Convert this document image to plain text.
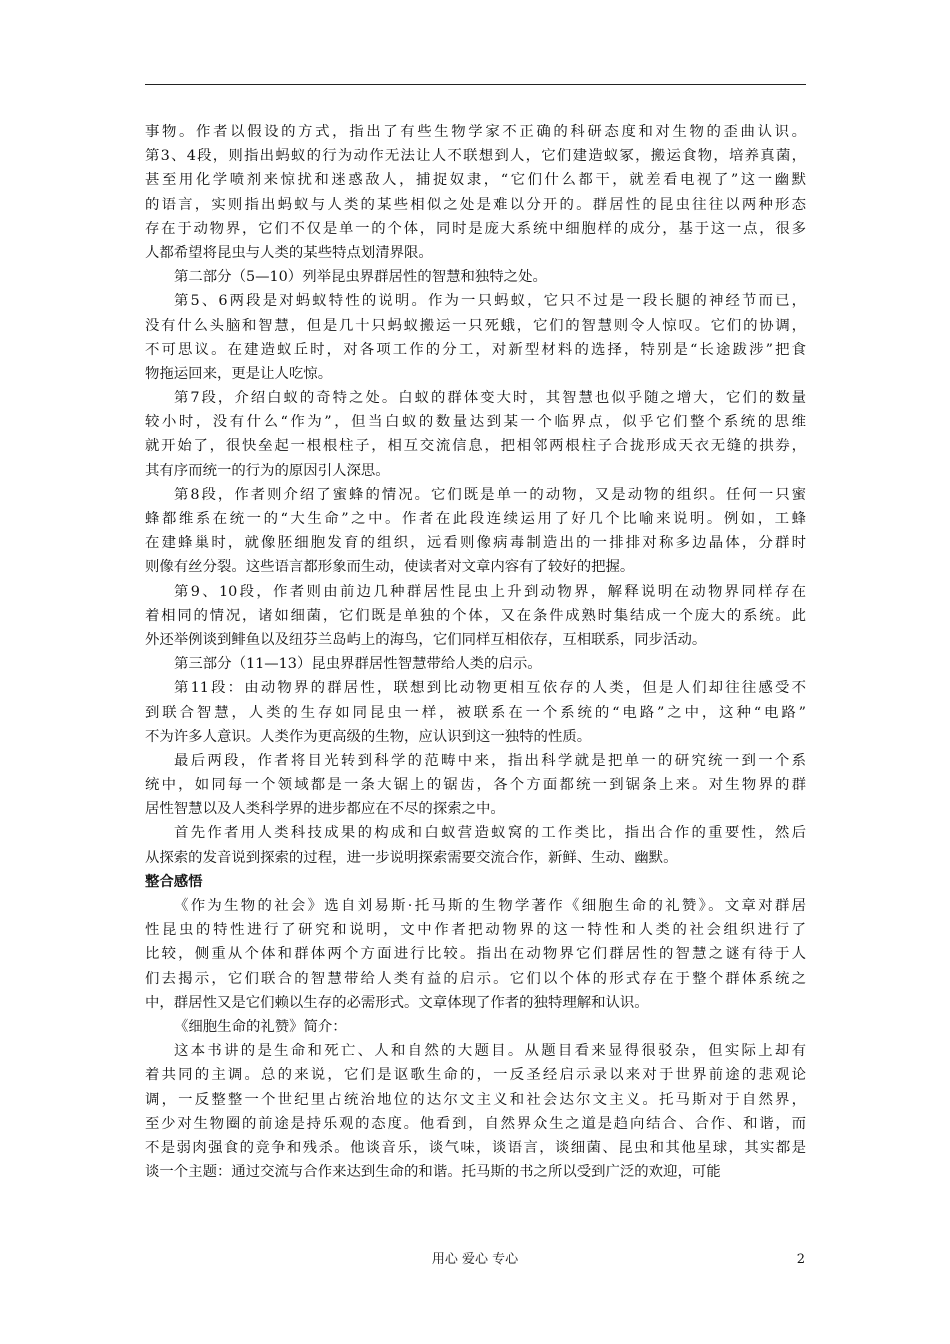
事物。作者以假设的方式，指出了有些生物学家不正确的科研态度和对生物的歪曲认识。
第3、4段，则指出蚂蚁的行为动作无法让人不联想到人，它们建造蚁冢，搬运食物，培养真菌，
甚至用化学喷剂来惊扰和迷惑敌人，捕捉奴隶，“它们什么都干，就差看电视了”这一幽默
的语言，实则指出蚂蚁与人类的某些相似之处是难以分开的。群居性的昆虫往往以两种形态
存在于动物界，它们不仅是单一的个体，同时是庞大系统中细胞样的成分，基于这一点，很多
人都希望将昆虫与人类的某些特点划清界限。
第二部分（5—10）列举昆虫界群居性的智慧和独特之处。
第5、6两段是对蚂蚁特性的说明。作为一只蚂蚁，它只不过是一段长腿的神经节而已，
没有什么头脑和智慧，但是几十只蚂蚁搬运一只死蛾，它们的智慧则令人惊叹。它们的协调，
不可思议。在建造蚁丘时，对各项工作的分工，对新型材料的选择，特别是“长途跋涉”把食
物拖运回来，更是让人吃惊。
第7段，介绍白蚁的奇特之处。白蚁的群体变大时，其智慧也似乎随之增大，它们的数量
较小时，没有什么“作为”，但当白蚁的数量达到某一个临界点，似乎它们整个系统的思维
就开始了，很快垒起一根根柱子，相互交流信息，把相邻两根柱子合拢形成天衣无缝的拱券，
其有序而统一的行为的原因引人深思。
第8段，作者则介绍了蜜蜂的情况。它们既是单一的动物，又是动物的组织。任何一只蜜
蜂都维系在统一的“大生命”之中。作者在此段连续运用了好几个比喻来说明。例如，工蜂
在建蜂巢时，就像胚细胞发育的组织，远看则像病毒制造出的一排排对称多边晶体，分群时
则像有丝分裂。这些语言都形象而生动，使读者对文章内容有了较好的把握。
第9、10段，作者则由前边几种群居性昆虫上升到动物界，解释说明在动物界同样存在
着相同的情况，诸如细菌，它们既是单独的个体，又在条件成熟时集结成一个庞大的系统。此
外还举例谈到鲱鱼以及纽芬兰岛屿上的海鸟，它们同样互相依存，互相联系，同步活动。
第三部分（11—13）昆虫界群居性智慧带给人类的启示。
第11段：由动物界的群居性，联想到比动物更相互依存的人类，但是人们却往往感受不
到联合智慧，人类的生存如同昆虫一样，被联系在一个系统的“电路”之中，这种“电路”
不为许多人意识。人类作为更高级的生物，应认识到这一独特的性质。
最后两段，作者将目光转到科学的范畴中来，指出科学就是把单一的研究统一到一个系
统中，如同每一个领域都是一条大锯上的锯齿，各个方面都统一到锯条上来。对生物界的群
居性智慧以及人类科学界的进步都应在不尽的探索之中。
首先作者用人类科技成果的构成和白蚁营造蚁窝的工作类比，指出合作的重要性，然后
从探索的发音说到探索的过程，进一步说明探索需要交流合作，新鲜、生动、幽默。
整合感悟
《作为生物的社会》选自刘易斯·托马斯的生物学著作《细胞生命的礼赞》。文章对群居
性昆虫的特性进行了研究和说明，文中作者把动物界的这一特性和人类的社会组织进行了
比较，侧重从个体和群体两个方面进行比较。指出在动物界它们群居性的智慧之谜有待于人
们去揭示，它们联合的智慧带给人类有益的启示。它们以个体的形式存在于整个群体系统之
中，群居性又是它们赖以生存的必需形式。文章体现了作者的独特理解和认识。
《细胞生命的礼赞》简介：
这本书讲的是生命和死亡、人和自然的大题目。从题目看来显得很驳杂，但实际上却有
着共同的主调。总的来说，它们是讴歌生命的，一反圣经启示录以来对于世界前途的悲观论
调，一反整整一个世纪里占统治地位的达尔文主义和社会达尔文主义。托马斯对于自然界，
至少对生物圈的前途是持乐观的态度。他看到，自然界众生之道是趋向结合、合作、和谐，而
不是弱肉强食的竞争和残杀。他谈音乐，谈气味，谈语言，谈细菌、昆虫和其他星球，其实都是
谈一个主题：通过交流与合作来达到生命的和谐。托马斯的书之所以受到广泛的欢迎，可能
用心 爱心 专心	2
